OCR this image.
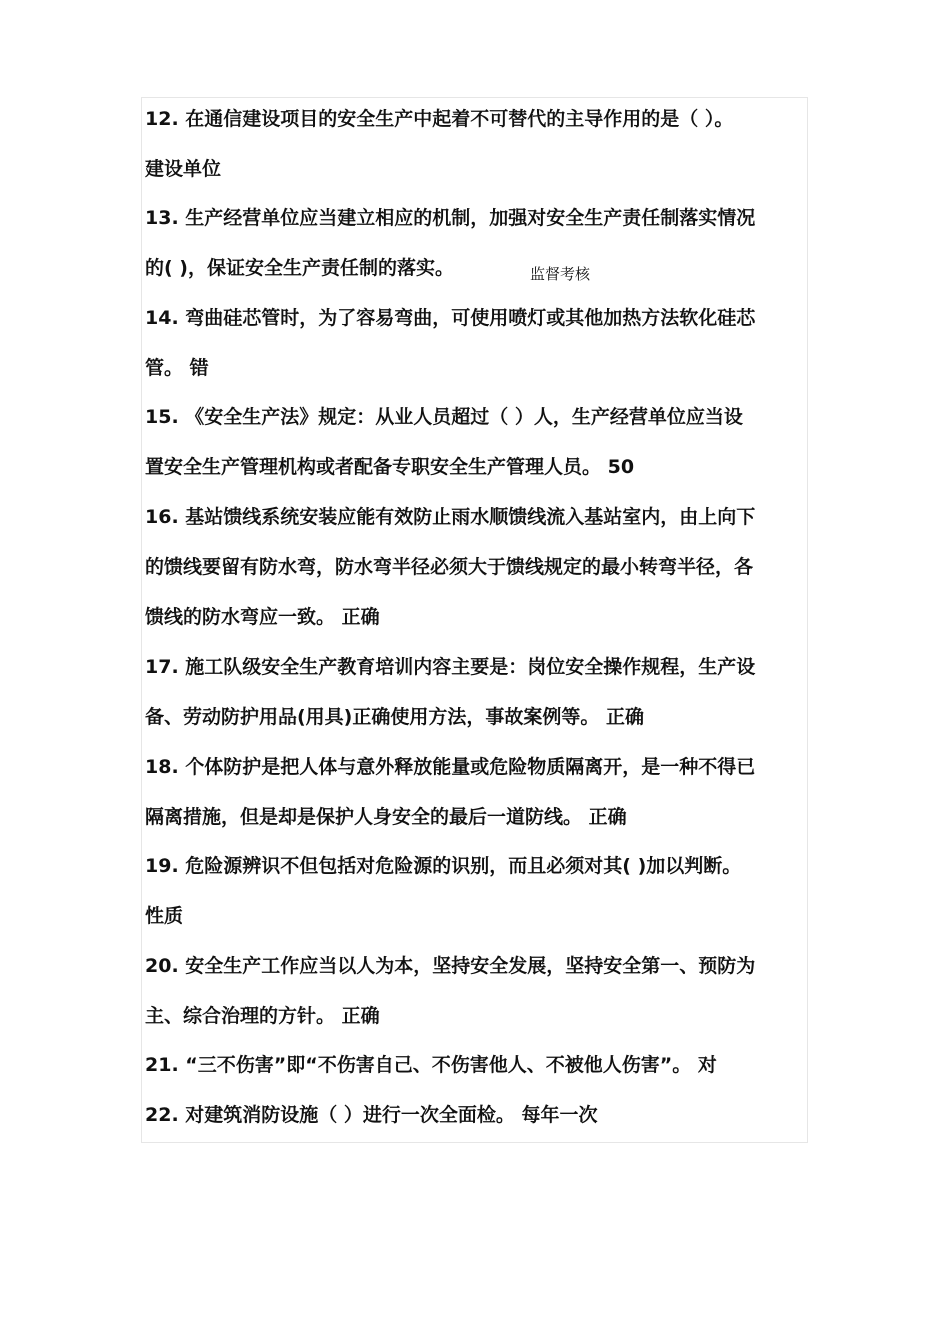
12. 在通信建设项目的安全生产中起着不可替代的主导作用的是（ ）。
建设单位
13. 生产经营单位应当建立相应的机制，加强对安全生产责任制落实情况
的( )，保证安全生产责任制的落实。
14. 弯曲硅芯管时，为了容易弯曲，可使用喷灯或其他加热方法软化硅芯
管。 错
15. 《安全生产法》规定：从业人员超过（ ）人，生产经营单位应当设
置安全生产管理机构或者配备专职安全生产管理人员。 50
16. 基站馈线系统安装应能有效防止雨水顺馈线流入基站室内，由上向下
的馈线要留有防水弯，防水弯半径必须大于馈线规定的最小转弯半径，各
馈线的防水弯应一致。 正确
17. 施工队级安全生产教育培训内容主要是：岗位安全操作规程，生产设
备、劳动防护用品(用具)正确使用方法，事故案例等。 正确
18. 个体防护是把人体与意外释放能量或危险物质隔离开，是一种不得已
隔离措施，但是却是保护人身安全的最后一道防线。 正确
19. 危险源辨识不但包括对危险源的识别，而且必须对其( )加以判断。
性质
20. 安全生产工作应当以人为本，坚持安全发展，坚持安全第一、预防为
主、综合治理的方针。 正确
21. “三不伤害”即“不伤害自己、不伤害他人、不被他人伤害”。 对
22. 对建筑消防设施（ ）进行一次全面检。 每年一次
监督考核
